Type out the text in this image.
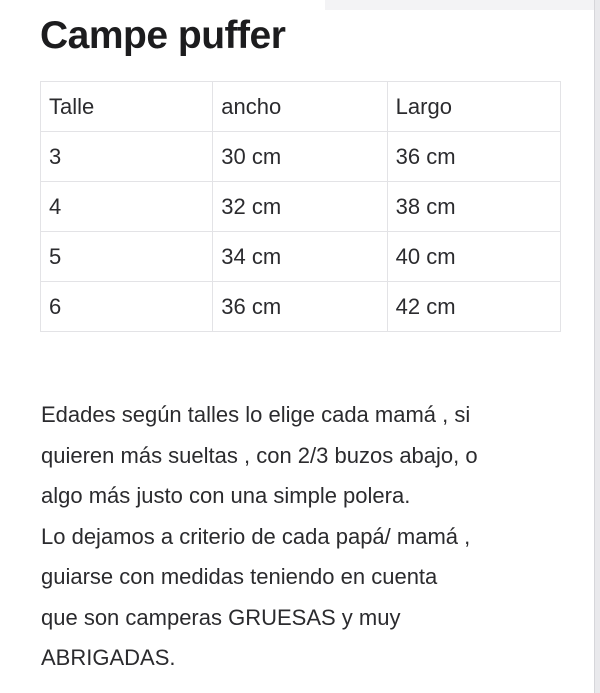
Campe puffer
Talle	ancho	Largo
3	30 cm	36 cm
4	32 cm	38 cm
5	34 cm	40 cm
6	36 cm	42 cm

Edades según talles lo elige cada mamá , si

quieren más sueltas , con 2/3 buzos abajo, o

algo más justo con una simple polera.

Lo dejamos a criterio de cada papá/ mamá ,

guiarse con medidas teniendo en cuenta

que son camperas GRUESAS y muy

ABRIGADAS.
